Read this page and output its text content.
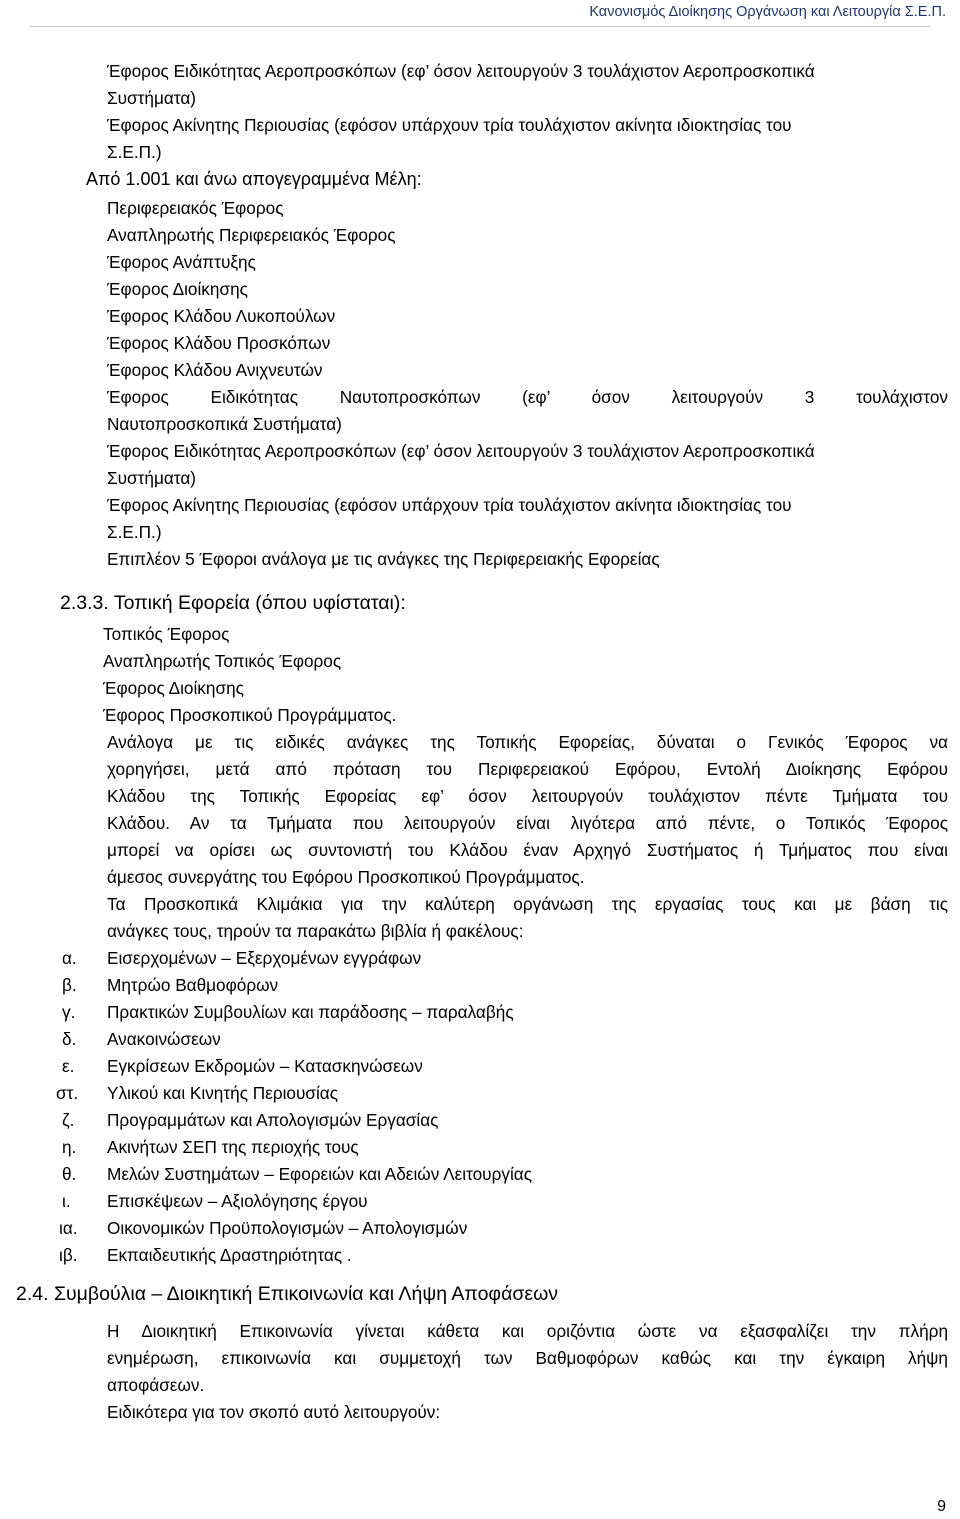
Κανονισμός Διοίκησης Οργάνωση και Λειτουργία Σ.Ε.Π.
Έφορος Ειδικότητας Αεροπροσκόπων (εφ’ όσον λειτουργούν 3 τουλάχιστον Αεροπροσκοπικά
Συστήματα)
Έφορος Ακίνητης Περιουσίας (εφόσον υπάρχουν τρία τουλάχιστον ακίνητα ιδιοκτησίας του
Σ.Ε.Π.)
Από 1.001 και άνω απογεγραμμένα Μέλη:
Περιφερειακός Έφορος
Αναπληρωτής Περιφερειακός Έφορος
Έφορος Ανάπτυξης
Έφορος Διοίκησης
Έφορος Κλάδου Λυκοπούλων
Έφορος Κλάδου Προσκόπων
Έφορος Κλάδου Ανιχνευτών
Έφορος Ειδικότητας Ναυτοπροσκόπων (εφ’ όσον λειτουργούν 3 τουλάχιστον
Ναυτοπροσκοπικά Συστήματα)
Έφορος Ειδικότητας Αεροπροσκόπων (εφ’ όσον λειτουργούν 3 τουλάχιστον Αεροπροσκοπικά
Συστήματα)
Έφορος Ακίνητης Περιουσίας (εφόσον υπάρχουν τρία τουλάχιστον ακίνητα ιδιοκτησίας του
Σ.Ε.Π.)
Επιπλέον 5 Έφοροι ανάλογα με τις ανάγκες της Περιφερειακής Εφορείας
2.3.3. Τοπική Εφορεία (όπου υφίσταται):
Τοπικός Έφορος
Αναπληρωτής Τοπικός Έφορος
Έφορος Διοίκησης
Έφορος Προσκοπικού Προγράμματος.
Ανάλογα με τις ειδικές ανάγκες της Τοπικής Εφορείας, δύναται ο Γενικός Έφορος να
χορηγήσει, μετά από πρόταση του Περιφερειακού Εφόρου, Εντολή Διοίκησης Εφόρου
Κλάδου της Τοπικής Εφορείας εφ’ όσον λειτουργούν τουλάχιστον πέντε Τμήματα του
Κλάδου. Αν τα Τμήματα που λειτουργούν είναι λιγότερα από πέντε, ο Τοπικός Έφορος
μπορεί να ορίσει ως συντονιστή του Κλάδου έναν Αρχηγό Συστήματος ή Τμήματος που είναι
άμεσος συνεργάτης του Εφόρου Προσκοπικού Προγράμματος.
Τα Προσκοπικά Κλιμάκια για την καλύτερη οργάνωση της εργασίας τους και με βάση τις
ανάγκες τους, τηρούν τα παρακάτω βιβλία ή φακέλους:
α. Εισερχομένων – Εξερχομένων εγγράφων
β. Μητρώο Βαθμοφόρων
γ. Πρακτικών Συμβουλίων και παράδοσης – παραλαβής
δ. Ανακοινώσεων
ε. Εγκρίσεων Εκδρομών – Κατασκηνώσεων
στ. Υλικού και Κινητής Περιουσίας
ζ. Προγραμμάτων και Απολογισμών Εργασίας
η. Ακινήτων ΣΕΠ της περιοχής τους
θ. Μελών Συστημάτων – Εφορειών και Αδειών Λειτουργίας
ι. Επισκέψεων – Αξιολόγησης έργου
ια. Οικονομικών Προϋπολογισμών – Απολογισμών
ιβ. Εκπαιδευτικής Δραστηριότητας .
2.4. Συμβούλια – Διοικητική Επικοινωνία και Λήψη Αποφάσεων
Η Διοικητική Επικοινωνία γίνεται κάθετα και οριζόντια ώστε να εξασφαλίζει την πλήρη
ενημέρωση, επικοινωνία και συμμετοχή των Βαθμοφόρων καθώς και την έγκαιρη λήψη
αποφάσεων.
Ειδικότερα για τον σκοπό αυτό λειτουργούν:
9
